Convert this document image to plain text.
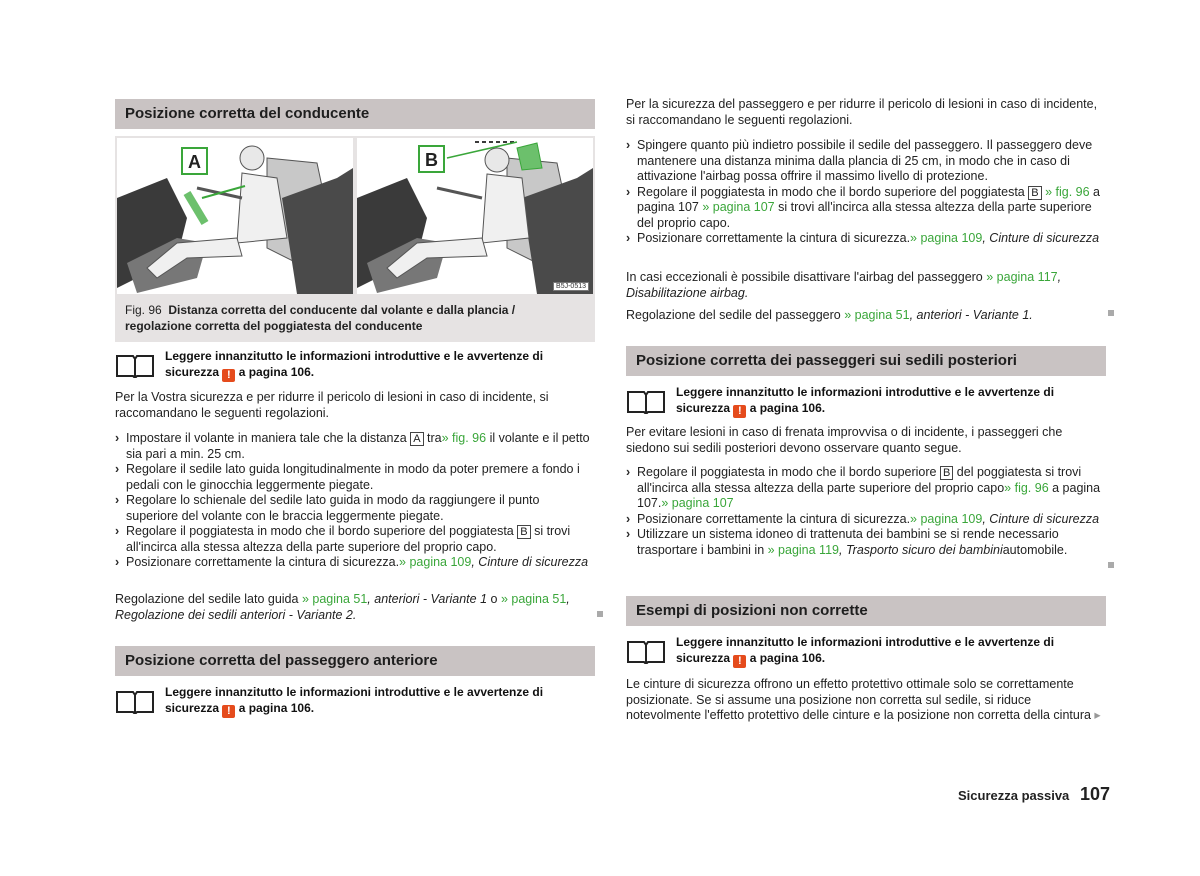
Posizione corretta del conducente
A	B
B5J-0513
Fig. 96 Distanza corretta del conducente dal volante e dalla plancia / regolazione corretta del poggiatesta del conducente
Leggere innanzitutto le informazioni introduttive e le avvertenze di sicurezza ! a pagina 106.
Per la Vostra sicurezza e per ridurre il pericolo di lesioni in caso di incidente, si raccomandano le seguenti regolazioni.
› Impostare il volante in maniera tale che la distanza A tra» fig. 96 il volante e il petto sia pari a min. 25 cm.
› Regolare il sedile lato guida longitudinalmente in modo da poter premere a fondo i pedali con le ginocchia leggermente piegate.
› Regolare lo schienale del sedile lato guida in modo da raggiungere il punto superiore del volante con le braccia leggermente piegate.
› Regolare il poggiatesta in modo che il bordo superiore del poggiatesta B si trovi all'incirca alla stessa altezza della parte superiore del proprio capo.
› Posizionare correttamente la cintura di sicurezza.» pagina 109, Cinture di sicurezza
Regolazione del sedile lato guida » pagina 51, anteriori - Variante 1 o » pagina 51, Regolazione dei sedili anteriori - Variante 2.
Posizione corretta del passeggero anteriore
Leggere innanzitutto le informazioni introduttive e le avvertenze di sicurezza ! a pagina 106.
Per la sicurezza del passeggero e per ridurre il pericolo di lesioni in caso di incidente, si raccomandano le seguenti regolazioni.
› Spingere quanto più indietro possibile il sedile del passeggero. Il passeggero deve mantenere una distanza minima dalla plancia di 25 cm, in modo che in caso di attivazione l'airbag possa offrire il massimo livello di protezione.
› Regolare il poggiatesta in modo che il bordo superiore del poggiatesta B » fig. 96 a pagina 107 » pagina 107 si trovi all'incirca alla stessa altezza della parte superiore del proprio capo.
› Posizionare correttamente la cintura di sicurezza.» pagina 109, Cinture di sicurezza
In casi eccezionali è possibile disattivare l'airbag del passeggero » pagina 117, Disabilitazione airbag.
Regolazione del sedile del passeggero » pagina 51, anteriori - Variante 1.
Posizione corretta dei passeggeri sui sedili posteriori
Leggere innanzitutto le informazioni introduttive e le avvertenze di sicurezza ! a pagina 106.
Per evitare lesioni in caso di frenata improvvisa o di incidente, i passeggeri che siedono sui sedili posteriori devono osservare quanto segue.
› Regolare il poggiatesta in modo che il bordo superiore B del poggiatesta si trovi all'incirca alla stessa altezza della parte superiore del proprio capo» fig. 96 a pagina 107.» pagina 107
› Posizionare correttamente la cintura di sicurezza.» pagina 109, Cinture di sicurezza
› Utilizzare un sistema idoneo di trattenuta dei bambini se si rende necessario trasportare i bambini in » pagina 119, Trasporto sicuro dei bambiniautomobile.
Esempi di posizioni non corrette
Leggere innanzitutto le informazioni introduttive e le avvertenze di sicurezza ! a pagina 106.
Le cinture di sicurezza offrono un effetto protettivo ottimale solo se correttamente posizionate. Se si assume una posizione non corretta sul sedile, si riduce notevolmente l'effetto protettivo delle cinture e la posizione non corretta della cintura ▸
Sicurezza passiva 107
